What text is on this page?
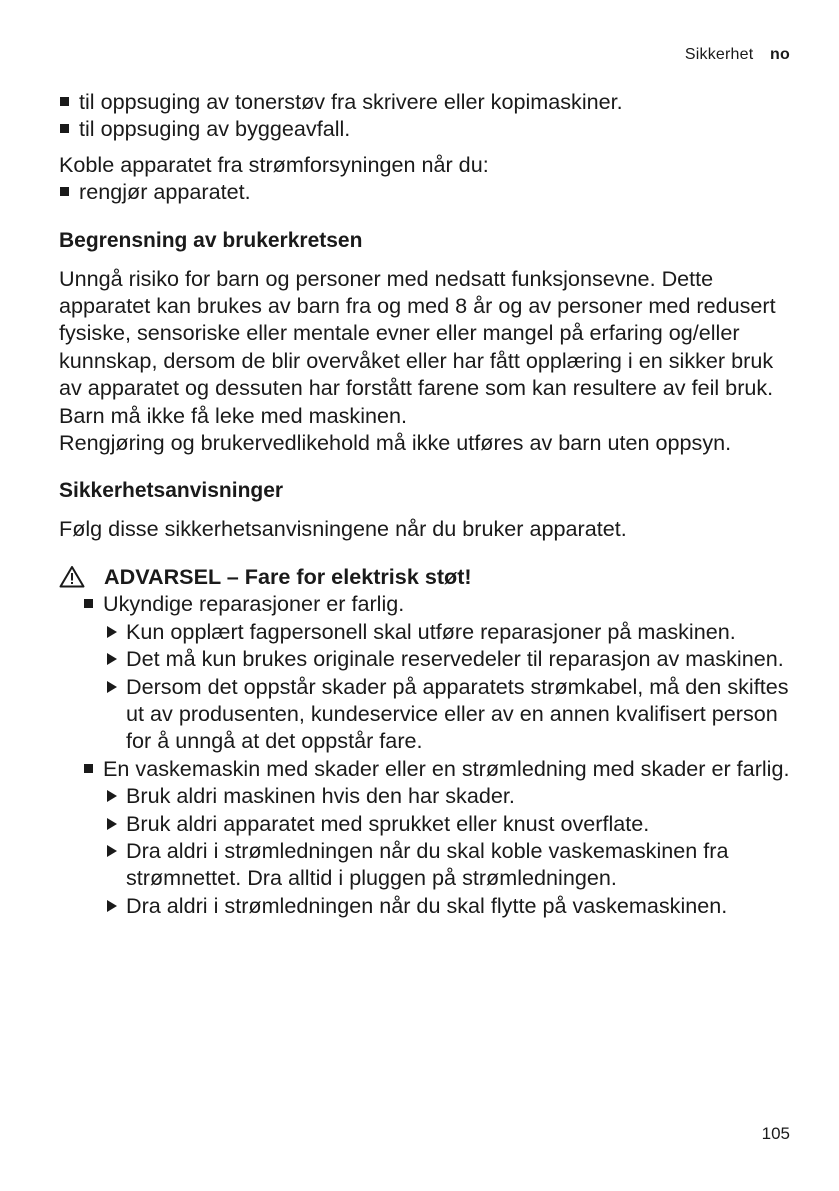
Sikkerhet no
til oppsuging av tonerstøv fra skrivere eller kopimaskiner.
til oppsuging av byggeavfall.

Koble apparatet fra strømforsyningen når du:

rengjør apparatet.
Begrensning av brukerkretsen

Unngå risiko for barn og personer med nedsatt funksjonsevne. Dette apparatet kan brukes av barn fra og med 8 år og av personer med redusert fysiske, sensoriske eller mentale evner eller mangel på erfaring og/eller kunnskap, dersom de blir overvåket eller har fått opplæring i en sikker bruk av apparatet og dessuten har forstått farene som kan resultere av feil bruk.

Barn må ikke få leke med maskinen.

Rengjøring og brukervedlikehold må ikke utføres av barn uten oppsyn.

Sikkerhetsanvisninger

Følg disse sikkerhetsanvisningene når du bruker apparatet.

ADVARSEL – Fare for elektrisk støt!
Ukyndige reparasjoner er farlig.
Kun opplært fagpersonell skal utføre reparasjoner på maskinen.
Det må kun brukes originale reservedeler til reparasjon av maskinen.
Dersom det oppstår skader på apparatets strømkabel, må den skiftes ut av produsenten, kundeservice eller av en annen kvalifisert person for å unngå at det oppstår fare.
En vaskemaskin med skader eller en strømledning med skader er farlig.
Bruk aldri maskinen hvis den har skader.
Bruk aldri apparatet med sprukket eller knust overflate.
Dra aldri i strømledningen når du skal koble vaskemaskinen fra strømnettet. Dra alltid i pluggen på strømledningen.
Dra aldri i strømledningen når du skal flytte på vaskemaskinen.
105
